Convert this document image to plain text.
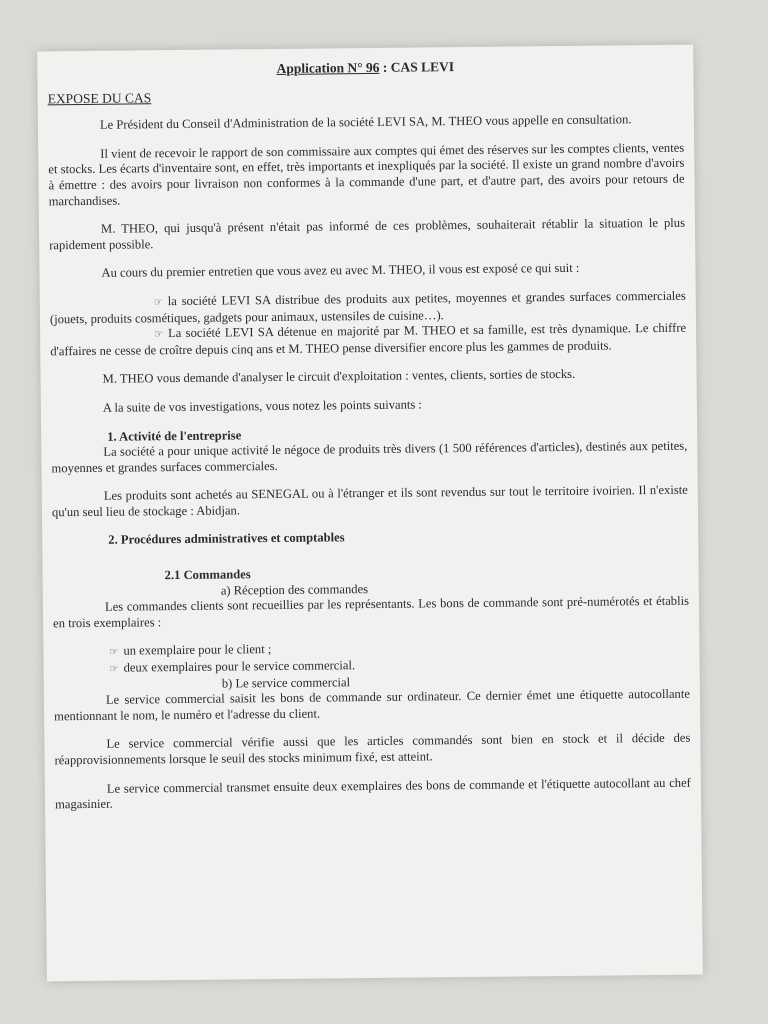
Application N° 96 : CAS LEVI
EXPOSE DU CAS

Le Président du Conseil d'Administration de la société LEVI SA, M. THEO vous appelle en consultation.

Il vient de recevoir le rapport de son commissaire aux comptes qui émet des réserves sur les comptes clients, ventes et stocks. Les écarts d'inventaire sont, en effet, très importants et inexpliqués par la société. Il existe un grand nombre d'avoirs à émettre : des avoirs pour livraison non conformes à la commande d'une part, et d'autre part, des avoirs pour retours de marchandises.

M. THEO, qui jusqu'à présent n'était pas informé de ces problèmes, souhaiterait rétablir la situation le plus rapidement possible.

Au cours du premier entretien que vous avez eu avec M. THEO, il vous est exposé ce qui suit :

☞ la société LEVI SA distribue des produits aux petites, moyennes et grandes surfaces commerciales (jouets, produits cosmétiques, gadgets pour animaux, ustensiles de cuisine…).

☞ La société LEVI SA détenue en majorité par M. THEO et sa famille, est très dynamique. Le chiffre d'affaires ne cesse de croître depuis cinq ans et M. THEO pense diversifier encore plus les gammes de produits.

M. THEO vous demande d'analyser le circuit d'exploitation : ventes, clients, sorties de stocks.

A la suite de vos investigations, vous notez les points suivants :

1. Activité de l'entreprise

La société a pour unique activité le négoce de produits très divers (1 500 références d'articles), destinés aux petites, moyennes et grandes surfaces commerciales.

Les produits sont achetés au SENEGAL ou à l'étranger et ils sont revendus sur tout le territoire ivoirien. Il n'existe qu'un seul lieu de stockage : Abidjan.

2. Procédures administratives et comptables
2.1 Commandes
a) Réception des commandes

Les commandes clients sont recueillies par les représentants. Les bons de commande sont pré-numérotés et établis en trois exemplaires :

☞ un exemplaire pour le client ;
☞ deux exemplaires pour le service commercial.
b) Le service commercial

Le service commercial saisit les bons de commande sur ordinateur. Ce dernier émet une étiquette autocollante mentionnant le nom, le numéro et l'adresse du client.

Le service commercial vérifie aussi que les articles commandés sont bien en stock et il décide des réapprovisionnements lorsque le seuil des stocks minimum fixé, est atteint.

Le service commercial transmet ensuite deux exemplaires des bons de commande et l'étiquette autocollant au chef magasinier.
